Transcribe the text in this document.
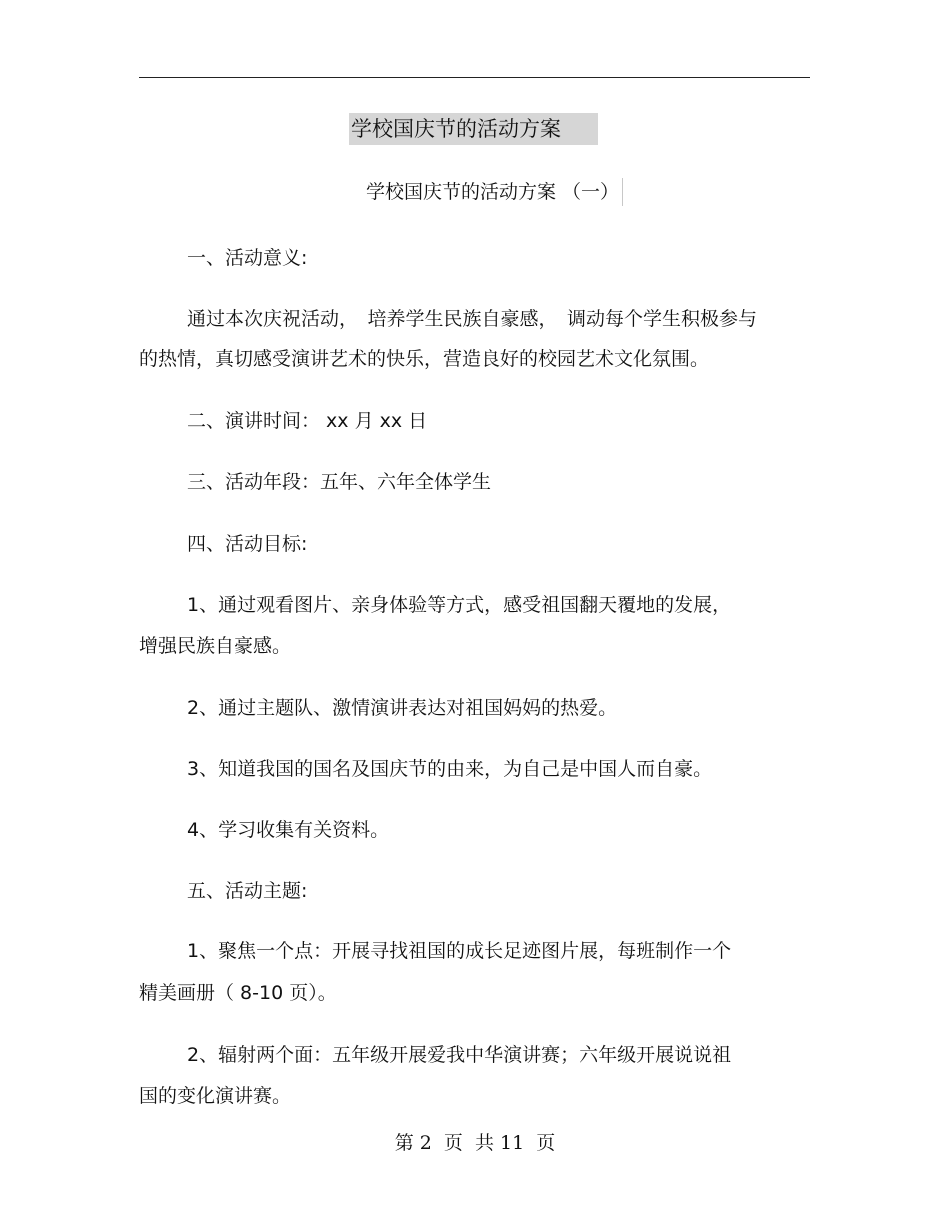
学校国庆节的活动方案
学校国庆节的活动方案 （一）
一、活动意义:
通过本次庆祝活动，　培养学生民族自豪感，　调动每个学生积极参与
的热情，真切感受演讲艺术的快乐，营造良好的校园艺术文化氛围。
二、演讲时间： xx 月 xx 日
三、活动年段：五年、六年全体学生
四、活动目标:
1、通过观看图片、亲身体验等方式，感受祖国翻天覆地的发展，
增强民族自豪感。
2、通过主题队、激情演讲表达对祖国妈妈的热爱。
3、知道我国的国名及国庆节的由来，为自己是中国人而自豪。
4、学习收集有关资料。
五、活动主题:
1、聚焦一个点：开展寻找祖国的成长足迹图片展，每班制作一个
精美画册（ 8-10 页）。
2、辐射两个面：五年级开展爱我中华演讲赛；六年级开展说说祖
国的变化演讲赛。
第 2  页  共 11  页
